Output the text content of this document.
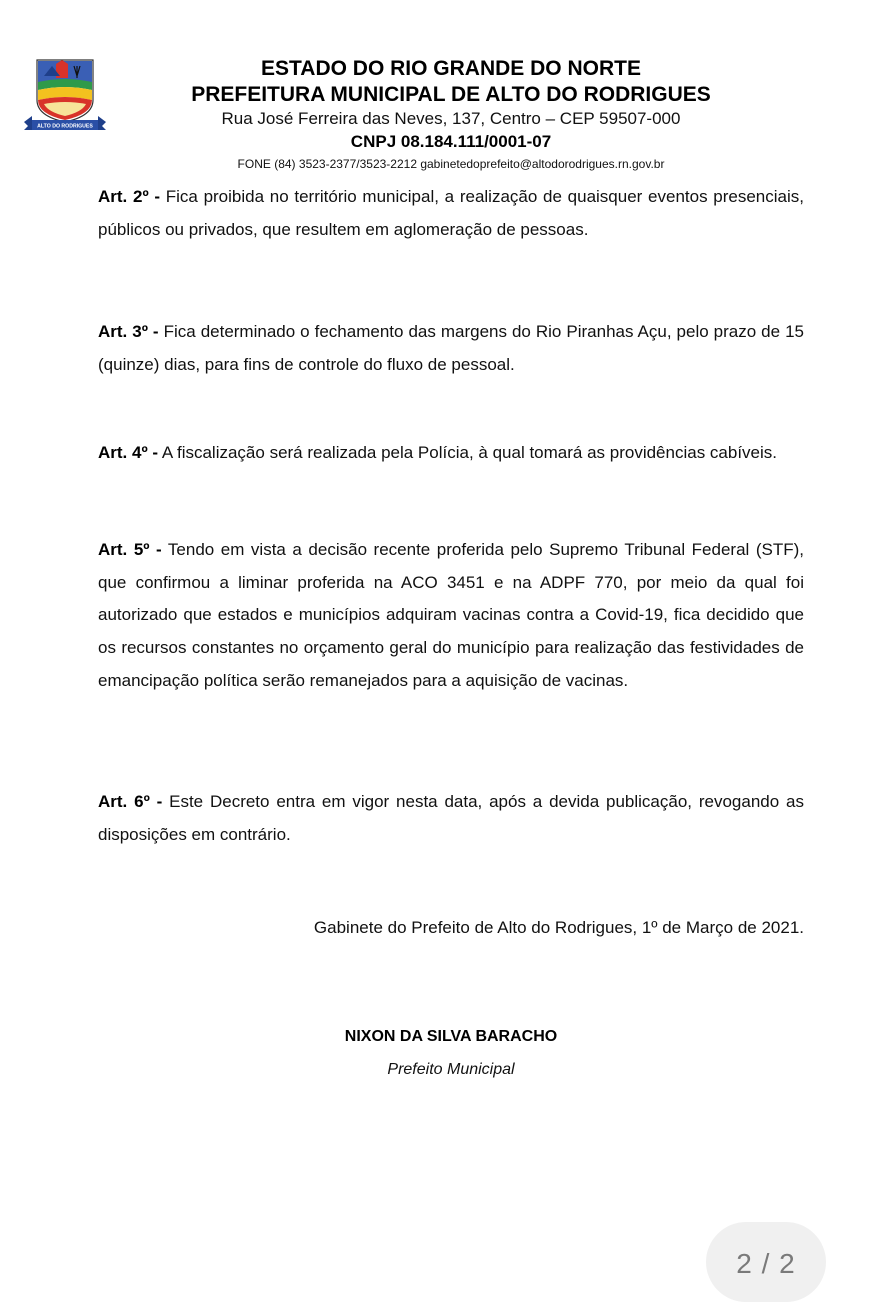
ALTO DO RODRIGUES
ESTADO DO RIO GRANDE DO NORTE
PREFEITURA MUNICIPAL DE ALTO DO RODRIGUES
Rua José Ferreira das Neves, 137, Centro – CEP 59507-000
CNPJ 08.184.111/0001-07
FONE (84) 3523-2377/3523-2212 gabinetedoprefeito@altodorodrigues.rn.gov.br

Art. 2º - Fica proibida no território municipal, a realização de quaisquer eventos presenciais, públicos ou privados, que resultem em aglomeração de pessoas.

Art. 3º - Fica determinado o fechamento das margens do Rio Piranhas Açu, pelo prazo de 15 (quinze) dias, para fins de controle do fluxo de pessoal.

Art. 4º - A fiscalização será realizada pela Polícia, à qual tomará as providências cabíveis.

Art. 5º - Tendo em vista a decisão recente proferida pelo Supremo Tribunal Federal (STF), que confirmou a liminar proferida na ACO 3451 e na ADPF 770, por meio da qual foi autorizado que estados e municípios adquiram vacinas contra a Covid-19, fica decidido que os recursos constantes no orçamento geral do município para realização das festividades de emancipação política serão remanejados para a aquisição de vacinas.

Art. 6º - Este Decreto entra em vigor nesta data, após a devida publicação, revogando as disposições em contrário.

Gabinete do Prefeito de Alto do Rodrigues, 1º de Março de 2021.
NIXON DA SILVA BARACHO
Prefeito Municipal
2 / 2
